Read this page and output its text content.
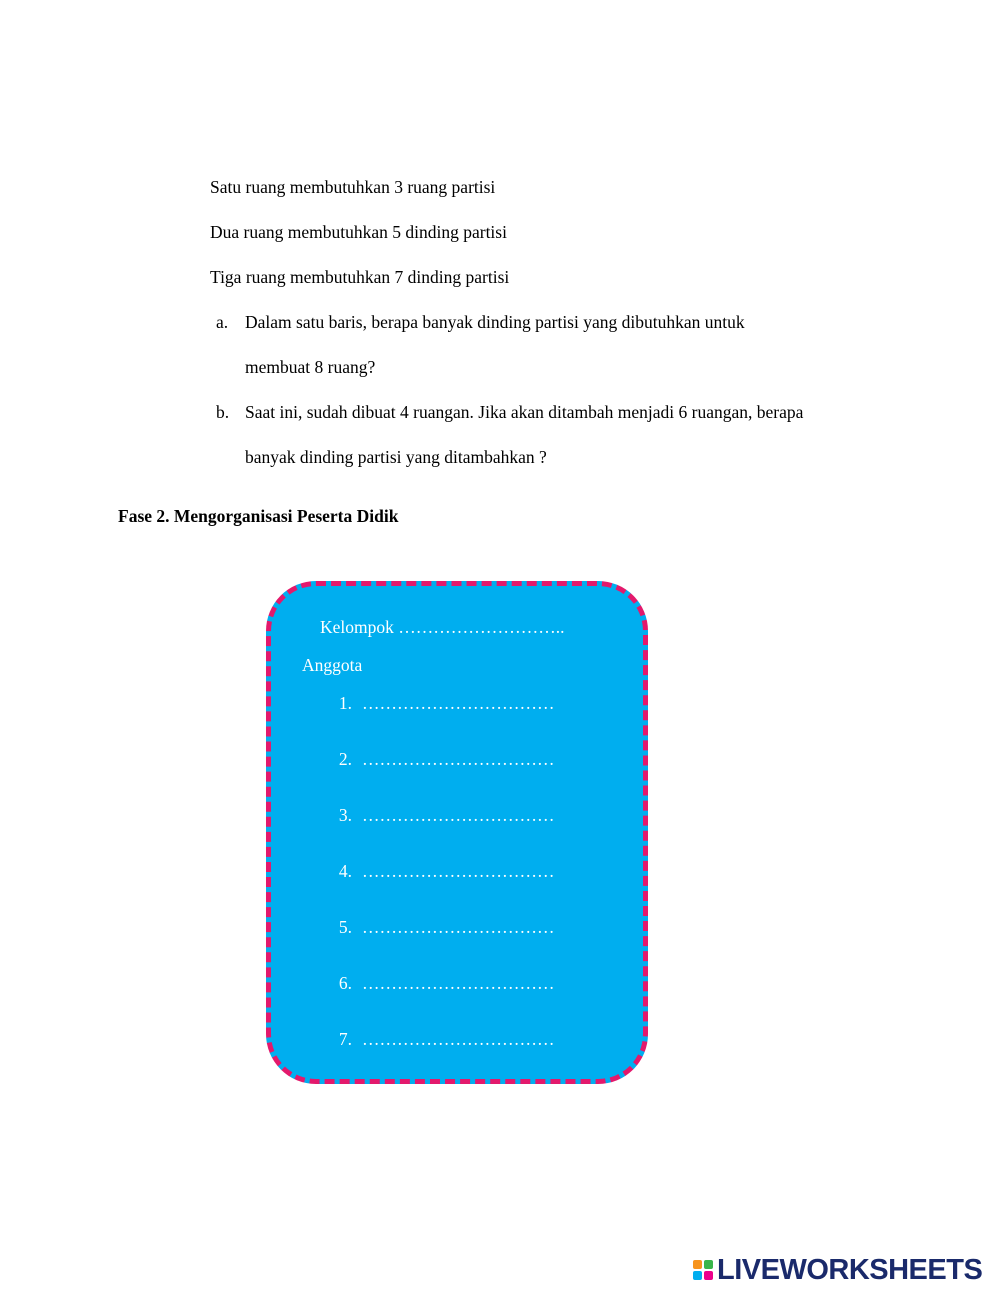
Satu ruang membutuhkan 3 ruang partisi
Dua ruang membutuhkan 5 dinding partisi
Tiga ruang membutuhkan 7 dinding partisi
a. Dalam satu baris, berapa banyak dinding partisi yang dibutuhkan untuk
membuat 8 ruang?
b. Saat ini, sudah dibuat 4 ruangan. Jika akan ditambah menjadi 6 ruangan, berapa
banyak dinding partisi yang ditambahkan ?
Fase 2. Mengorganisasi Peserta Didik
Kelompok ………………………..
Anggota
1. ……………………………
2. ……………………………
3. ……………………………
4. ……………………………
5. ……………………………
6. ……………………………
7. ……………………………
LIVEWORKSHEETS
